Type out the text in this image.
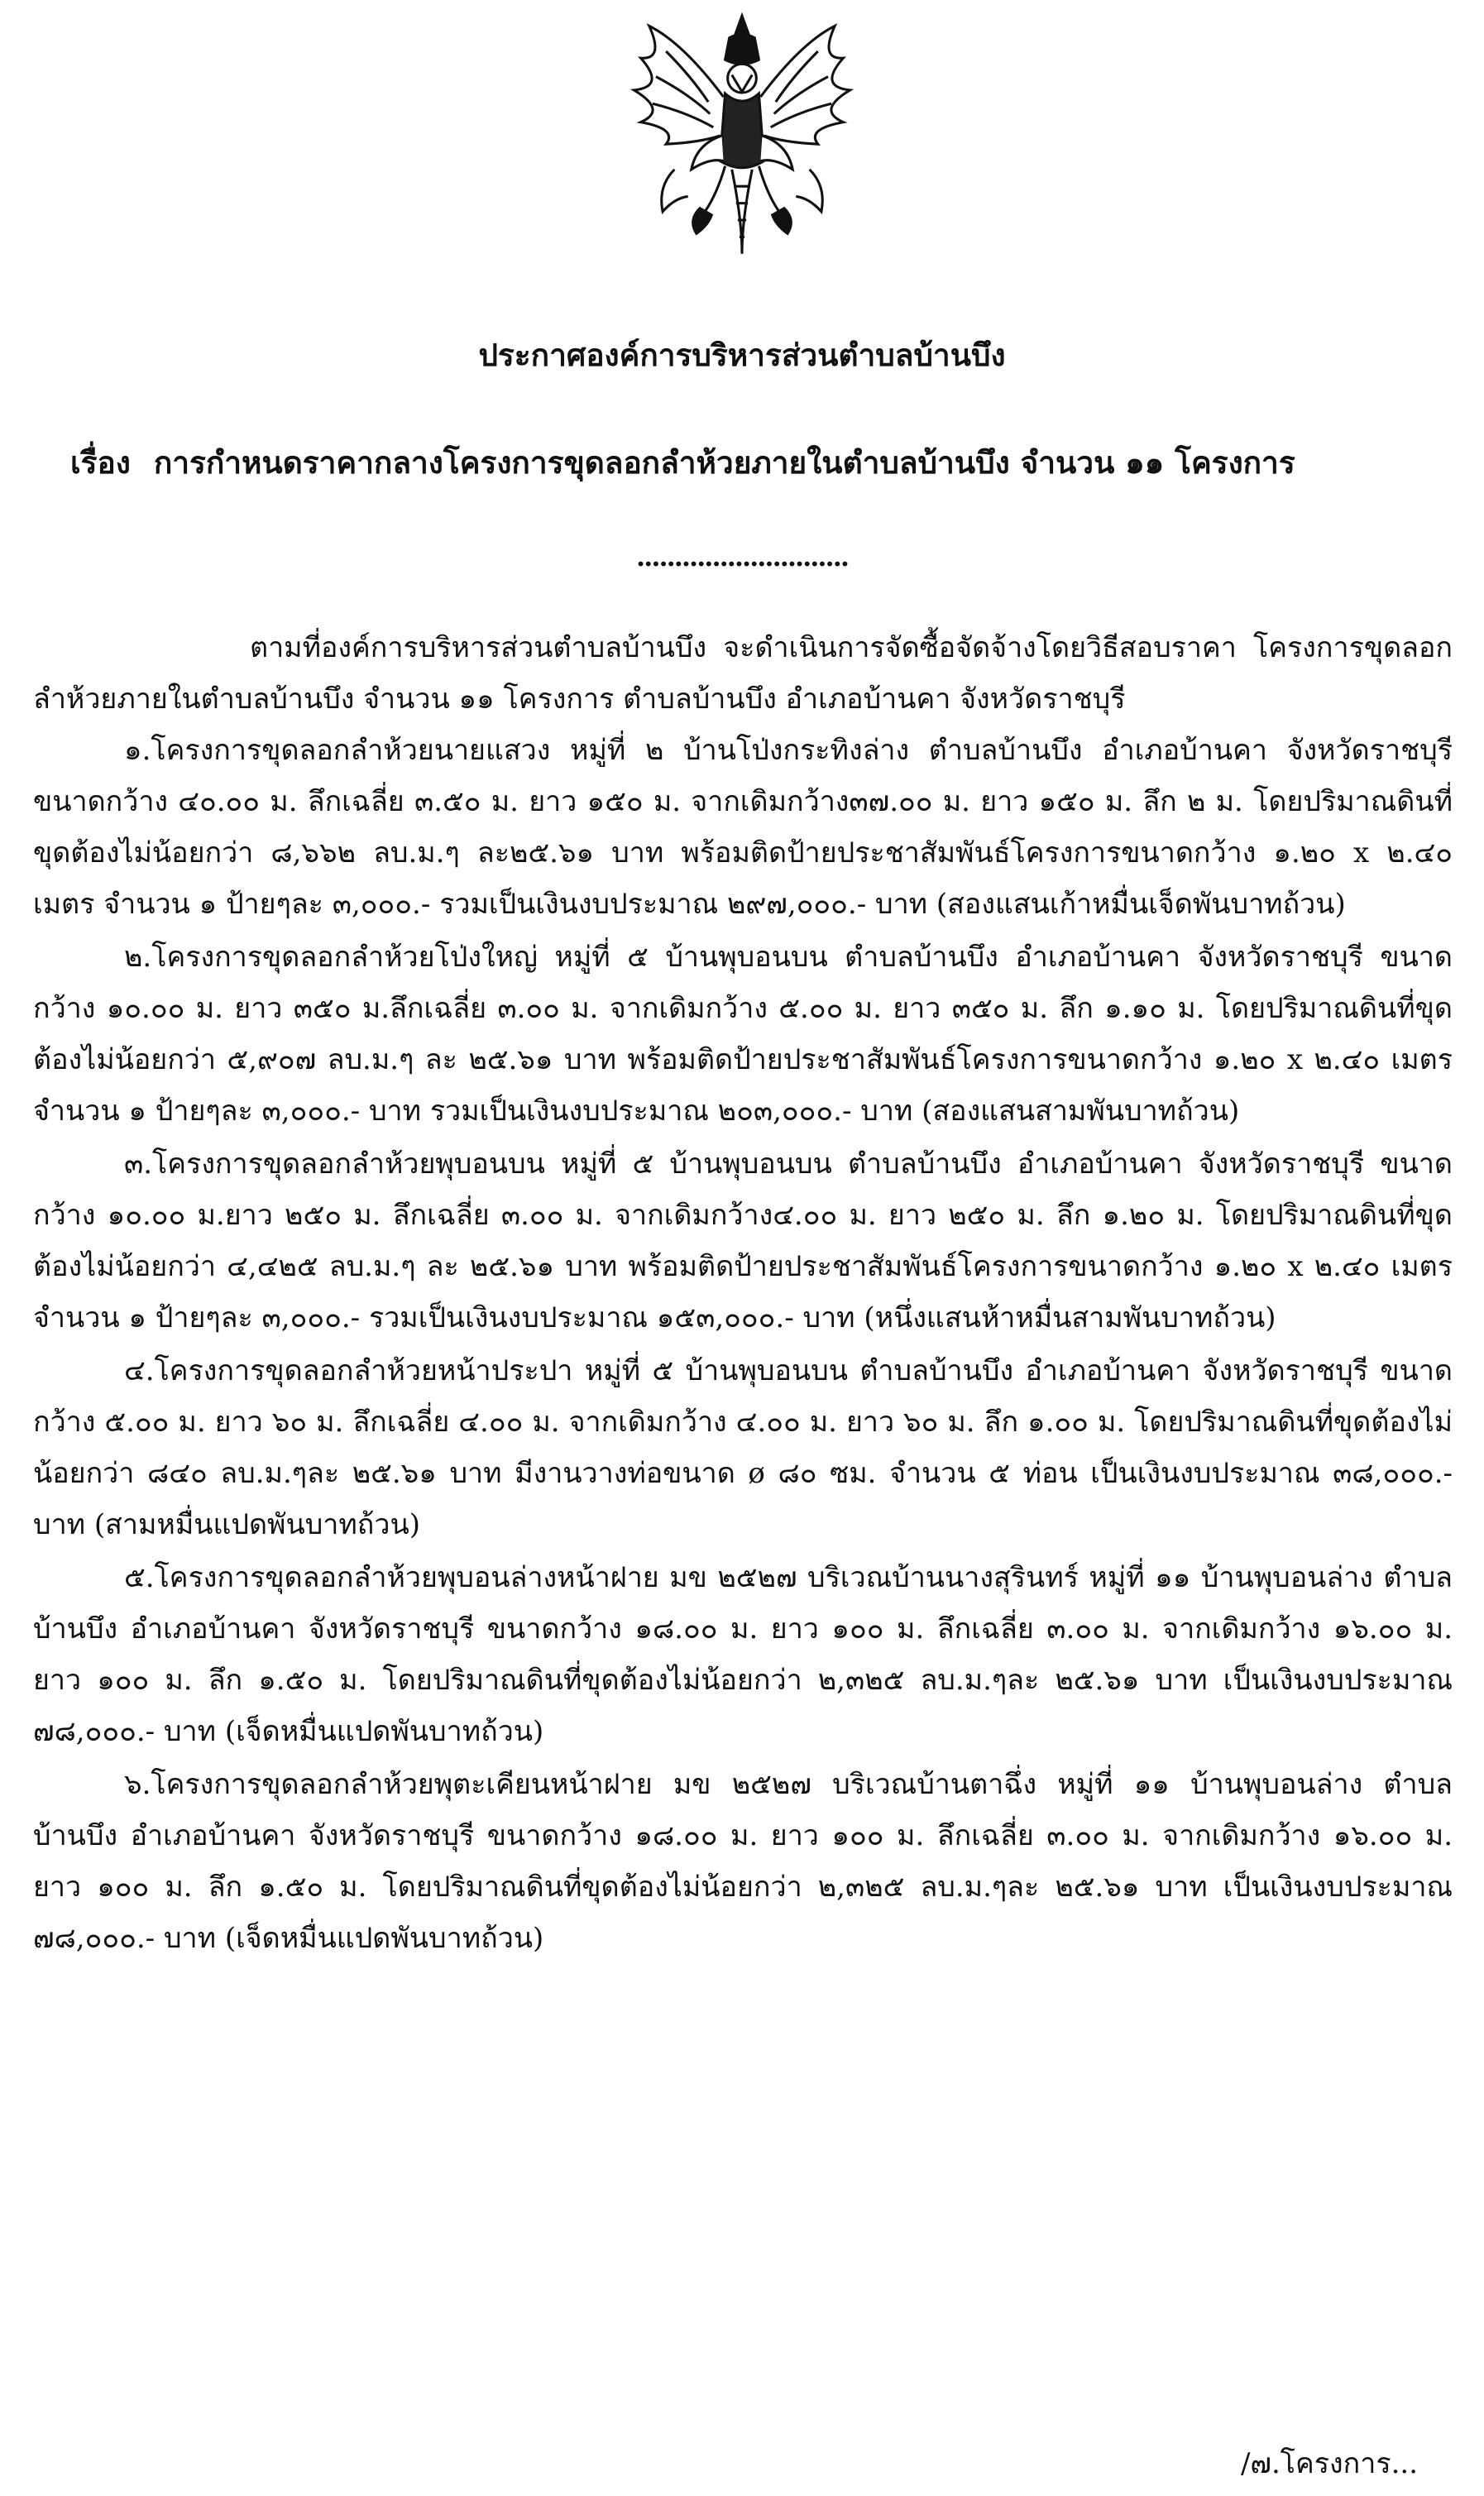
ประกาศองค์การบริหารส่วนตำบลบ้านบึง
เรื่อง การกำหนดราคากลางโครงการขุดลอกลำห้วยภายในตำบลบ้านบึง จำนวน ๑๑ โครงการ
............................

ตามที่องค์การบริหารส่วนตำบลบ้านบึง จะดำเนินการจัดซื้อจัดจ้างโดยวิธีสอบราคา โครงการขุดลอกลำห้วยภายในตำบลบ้านบึง จำนวน ๑๑ โครงการ ตำบลบ้านบึง อำเภอบ้านคา จังหวัดราชบุรี

๑.โครงการขุดลอกลำห้วยนายแสวง หมู่ที่ ๒ บ้านโป่งกระทิงล่าง ตำบลบ้านบึง อำเภอบ้านคา จังหวัดราชบุรี ขนาดกว้าง ๔๐.๐๐ ม. ลึกเฉลี่ย ๓.๕๐ ม. ยาว ๑๕๐ ม. จากเดิมกว้าง๓๗.๐๐ ม. ยาว ๑๕๐ ม. ลึก ๒ ม. โดยปริมาณดินที่ขุดต้องไม่น้อยกว่า ๘,๖๖๒ ลบ.ม.ๆ ละ๒๕.๖๑ บาท พร้อมติดป้ายประชาสัมพันธ์โครงการขนาดกว้าง ๑.๒๐ x ๒.๔๐ เมตร จำนวน ๑ ป้ายๆละ ๓,๐๐๐.- รวมเป็นเงินงบประมาณ ๒๙๗,๐๐๐.- บาท (สองแสนเก้าหมื่นเจ็ดพันบาทถ้วน)

๒.โครงการขุดลอกลำห้วยโป่งใหญ่ หมู่ที่ ๕ บ้านพุบอนบน ตำบลบ้านบึง อำเภอบ้านคา จังหวัดราชบุรี ขนาดกว้าง ๑๐.๐๐ ม. ยาว ๓๕๐ ม.ลึกเฉลี่ย ๓.๐๐ ม. จากเดิมกว้าง ๕.๐๐ ม. ยาว ๓๕๐ ม. ลึก ๑.๑๐ ม. โดยปริมาณดินที่ขุดต้องไม่น้อยกว่า ๕,๙๐๗ ลบ.ม.ๆ ละ ๒๕.๖๑ บาท พร้อมติดป้ายประชาสัมพันธ์โครงการขนาดกว้าง ๑.๒๐ x ๒.๔๐ เมตร จำนวน ๑ ป้ายๆละ ๓,๐๐๐.- บาท รวมเป็นเงินงบประมาณ ๒๐๓,๐๐๐.- บาท (สองแสนสามพันบาทถ้วน)

๓.โครงการขุดลอกลำห้วยพุบอนบน หมู่ที่ ๕ บ้านพุบอนบน ตำบลบ้านบึง อำเภอบ้านคา จังหวัดราชบุรี ขนาดกว้าง ๑๐.๐๐ ม.ยาว ๒๕๐ ม. ลึกเฉลี่ย ๓.๐๐ ม. จากเดิมกว้าง๔.๐๐ ม. ยาว ๒๕๐ ม. ลึก ๑.๒๐ ม. โดยปริมาณดินที่ขุดต้องไม่น้อยกว่า ๔,๔๒๕ ลบ.ม.ๆ ละ ๒๕.๖๑ บาท พร้อมติดป้ายประชาสัมพันธ์โครงการขนาดกว้าง ๑.๒๐ x ๒.๔๐ เมตร จำนวน ๑ ป้ายๆละ ๓,๐๐๐.- รวมเป็นเงินงบประมาณ ๑๕๓,๐๐๐.- บาท (หนึ่งแสนห้าหมื่นสามพันบาทถ้วน)

๔.โครงการขุดลอกลำห้วยหน้าประปา หมู่ที่ ๕ บ้านพุบอนบน ตำบลบ้านบึง อำเภอบ้านคา จังหวัดราชบุรี ขนาดกว้าง ๕.๐๐ ม. ยาว ๖๐ ม. ลึกเฉลี่ย ๔.๐๐ ม. จากเดิมกว้าง ๔.๐๐ ม. ยาว ๖๐ ม. ลึก ๑.๐๐ ม. โดยปริมาณดินที่ขุดต้องไม่น้อยกว่า ๘๔๐ ลบ.ม.ๆละ ๒๕.๖๑ บาท มีงานวางท่อขนาด ø ๘๐ ซม. จำนวน ๕ ท่อน เป็นเงินงบประมาณ ๓๘,๐๐๐.- บาท (สามหมื่นแปดพันบาทถ้วน)

๕.โครงการขุดลอกลำห้วยพุบอนล่างหน้าฝาย มข ๒๕๒๗ บริเวณบ้านนางสุรินทร์ หมู่ที่ ๑๑ บ้านพุบอนล่าง ตำบลบ้านบึง อำเภอบ้านคา จังหวัดราชบุรี ขนาดกว้าง ๑๘.๐๐ ม. ยาว ๑๐๐ ม. ลึกเฉลี่ย ๓.๐๐ ม. จากเดิมกว้าง ๑๖.๐๐ ม. ยาว ๑๐๐ ม. ลึก ๑.๕๐ ม. โดยปริมาณดินที่ขุดต้องไม่น้อยกว่า ๒,๓๒๕ ลบ.ม.ๆละ ๒๕.๖๑ บาท เป็นเงินงบประมาณ ๗๘,๐๐๐.- บาท (เจ็ดหมื่นแปดพันบาทถ้วน)

๖.โครงการขุดลอกลำห้วยพุตะเคียนหน้าฝาย มข ๒๕๒๗ บริเวณบ้านตาฉึ่ง หมู่ที่ ๑๑ บ้านพุบอนล่าง ตำบลบ้านบึง อำเภอบ้านคา จังหวัดราชบุรี ขนาดกว้าง ๑๘.๐๐ ม. ยาว ๑๐๐ ม. ลึกเฉลี่ย ๓.๐๐ ม. จากเดิมกว้าง ๑๖.๐๐ ม. ยาว ๑๐๐ ม. ลึก ๑.๕๐ ม. โดยปริมาณดินที่ขุดต้องไม่น้อยกว่า ๒,๓๒๕ ลบ.ม.ๆละ ๒๕.๖๑ บาท เป็นเงินงบประมาณ ๗๘,๐๐๐.- บาท (เจ็ดหมื่นแปดพันบาทถ้วน)

/๗.โครงการ...
